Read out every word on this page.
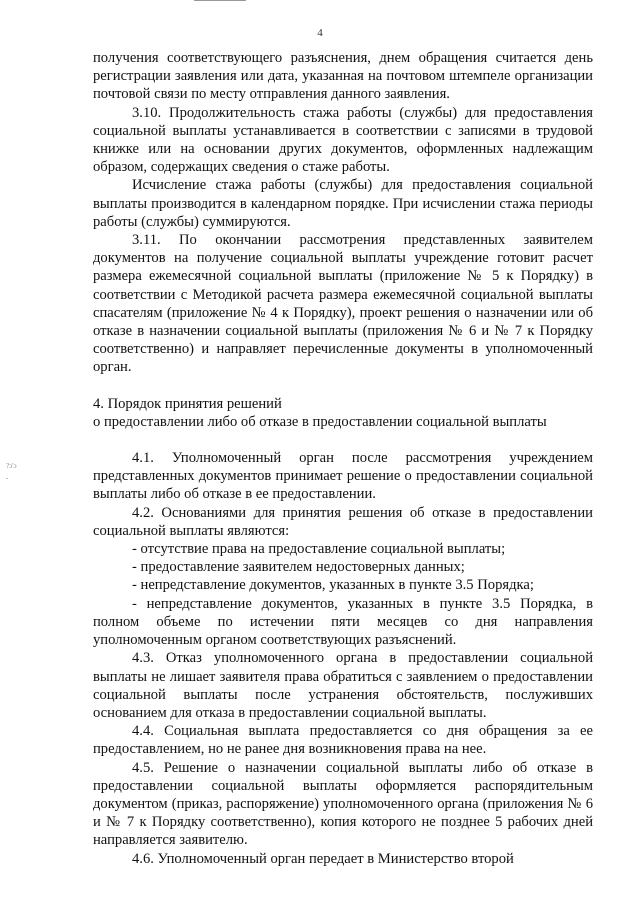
4
?ɔ'ɔ
-

получения соответствующего разъяснения, днем обращения считается день регистрации заявления или дата, указанная на почтовом штемпеле организации почтовой связи по месту отправления данного заявления.

3.10. Продолжительность стажа работы (службы) для предоставления социальной выплаты устанавливается в соответствии с записями в трудовой книжке или на основании других документов, оформленных надлежащим образом, содержащих сведения о стаже работы.

Исчисление стажа работы (службы) для предоставления социальной выплаты производится в календарном порядке. При исчислении стажа периоды работы (службы) суммируются.

3.11. По окончании рассмотрения представленных заявителем документов на получение социальной выплаты учреждение готовит расчет размера ежемесячной социальной выплаты (приложение № 5 к Порядку) в соответствии с Методикой расчета размера ежемесячной социальной выплаты спасателям (приложение № 4 к Порядку), проект решения о назначении или об отказе в назначении социальной выплаты (приложения № 6 и № 7 к Порядку соответственно) и направляет перечисленные документы в уполномоченный орган.

4. Порядок принятия решений

о предоставлении либо об отказе в предоставлении социальной выплаты

4.1. Уполномоченный орган после рассмотрения учреждением представленных документов принимает решение о предоставлении социальной выплаты либо об отказе в ее предоставлении.

4.2. Основаниями для принятия решения об отказе в предоставлении социальной выплаты являются:

- отсутствие права на предоставление социальной выплаты;

- предоставление заявителем недостоверных данных;

- непредставление документов, указанных в пункте 3.5 Порядка;

- непредставление документов, указанных в пункте 3.5 Порядка, в полном объеме по истечении пяти месяцев со дня направления уполномоченным органом соответствующих разъяснений.

4.3. Отказ уполномоченного органа в предоставлении социальной выплаты не лишает заявителя права обратиться с заявлением о предоставлении социальной выплаты после устранения обстоятельств, послуживших основанием для отказа в предоставлении социальной выплаты.

4.4. Социальная выплата предоставляется со дня обращения за ее предоставлением, но не ранее дня возникновения права на нее.

4.5. Решение о назначении социальной выплаты либо об отказе в предоставлении социальной выплаты оформляется распорядительным документом (приказ, распоряжение) уполномоченного органа (приложения № 6 и № 7 к Порядку соответственно), копия которого не позднее 5 рабочих дней направляется заявителю.

4.6. Уполномоченный орган передает в Министерство второй
